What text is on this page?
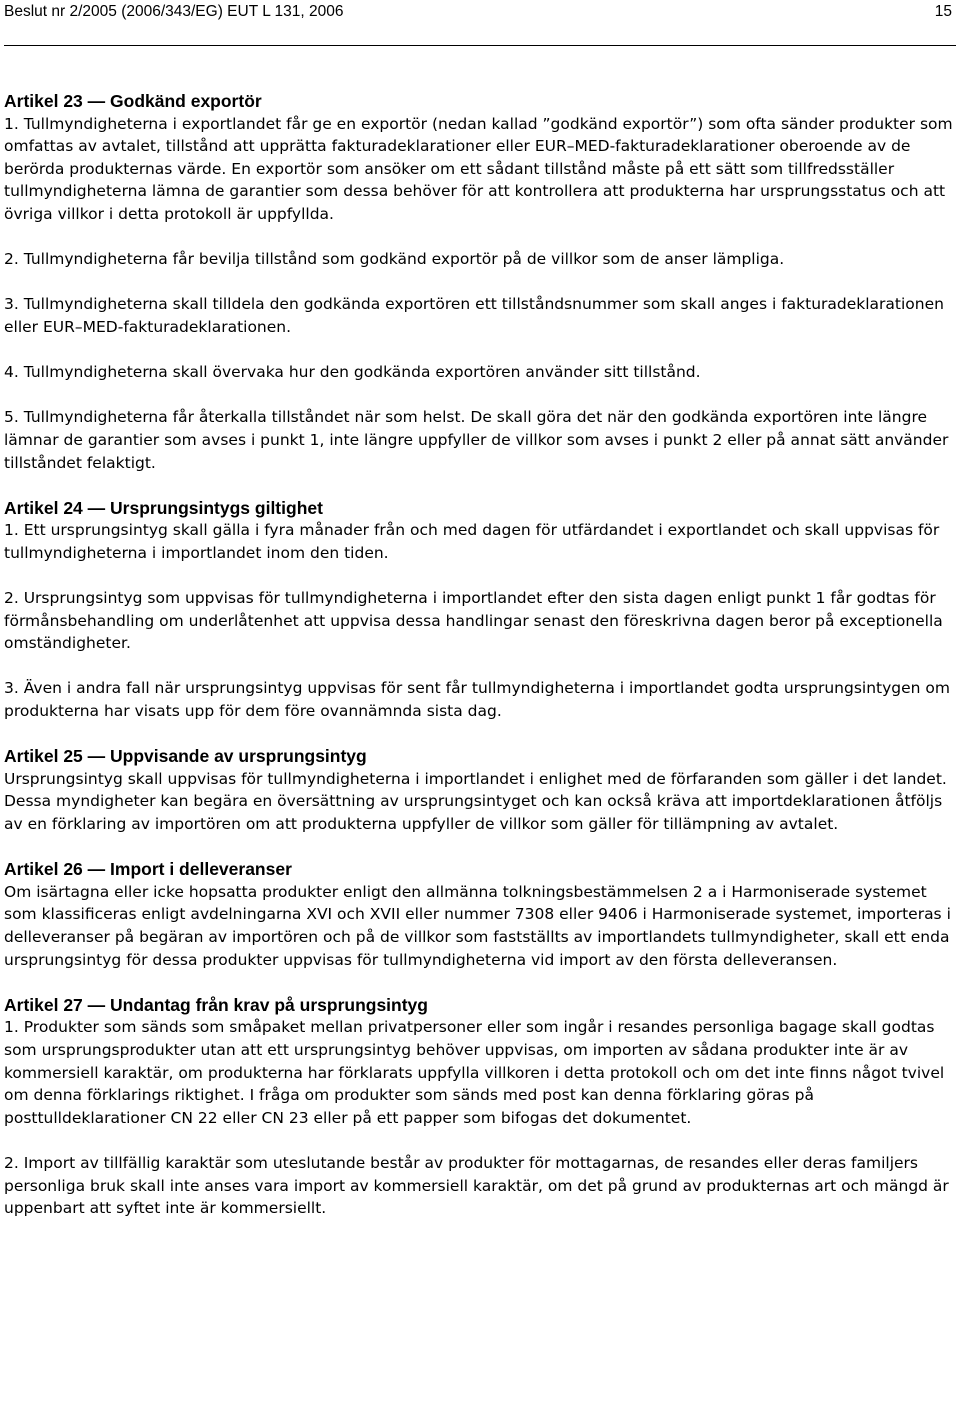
Beslut nr 2/2005 (2006/343/EG) EUT L 131, 2006	15
Artikel 23 — Godkänd exportör

1. Tullmyndigheterna i exportlandet får ge en exportör (nedan kallad ”godkänd exportör”) som ofta sänder produkter som omfattas av avtalet, tillstånd att upprätta fakturadeklarationer eller EUR–MED-fakturadeklarationer oberoende av de berörda produkternas värde. En exportör som ansöker om ett sådant tillstånd måste på ett sätt som tillfredsställer tullmyndigheterna lämna de garantier som dessa behöver för att kontrollera att produkterna har ursprungsstatus och att övriga villkor i detta protokoll är uppfyllda.

2. Tullmyndigheterna får bevilja tillstånd som godkänd exportör på de villkor som de anser lämpliga.

3. Tullmyndigheterna skall tilldela den godkända exportören ett tillståndsnummer som skall anges i fakturadeklarationen eller EUR–MED-fakturadeklarationen.

4. Tullmyndigheterna skall övervaka hur den godkända exportören använder sitt tillstånd.

5. Tullmyndigheterna får återkalla tillståndet när som helst. De skall göra det när den godkända exportören inte längre lämnar de garantier som avses i punkt 1, inte längre uppfyller de villkor som avses i punkt 2 eller på annat sätt använder tillståndet felaktigt.

Artikel 24 — Ursprungsintygs giltighet

1. Ett ursprungsintyg skall gälla i fyra månader från och med dagen för utfärdandet i exportlandet och skall uppvisas för tullmyndigheterna i importlandet inom den tiden.

2. Ursprungsintyg som uppvisas för tullmyndigheterna i importlandet efter den sista dagen enligt punkt 1 får godtas för förmånsbehandling om underlåtenhet att uppvisa dessa handlingar senast den föreskrivna dagen beror på exceptionella omständigheter.

3. Även i andra fall när ursprungsintyg uppvisas för sent får tullmyndigheterna i importlandet godta ursprungsintygen om produkterna har visats upp för dem före ovannämnda sista dag.

Artikel 25 — Uppvisande av ursprungsintyg

Ursprungsintyg skall uppvisas för tullmyndigheterna i importlandet i enlighet med de förfaranden som gäller i det landet. Dessa myndigheter kan begära en översättning av ursprungsintyget och kan också kräva att importdeklarationen åtföljs av en förklaring av importören om att produkterna uppfyller de villkor som gäller för tillämpning av avtalet.

Artikel 26 — Import i delleveranser

Om isärtagna eller icke hopsatta produkter enligt den allmänna tolkningsbestämmelsen 2 a i Harmoniserade systemet som klassificeras enligt avdelningarna XVI och XVII eller nummer 7308 eller 9406 i Harmoniserade systemet, importeras i delleveranser på begäran av importören och på de villkor som fastställts av importlandets tullmyndigheter, skall ett enda ursprungsintyg för dessa produkter uppvisas för tullmyndigheterna vid import av den första delleveransen.

Artikel 27 — Undantag från krav på ursprungsintyg

1. Produkter som sänds som småpaket mellan privatpersoner eller som ingår i resandes personliga bagage skall godtas som ursprungsprodukter utan att ett ursprungsintyg behöver uppvisas, om importen av sådana produkter inte är av kommersiell karaktär, om produkterna har förklarats uppfylla villkoren i detta protokoll och om det inte finns något tvivel om denna förklarings riktighet. I fråga om produkter som sänds med post kan denna förklaring göras på posttulldeklarationer CN 22 eller CN 23 eller på ett papper som bifogas det dokumentet.

2. Import av tillfällig karaktär som uteslutande består av produkter för mottagarnas, de resandes eller deras familjers personliga bruk skall inte anses vara import av kommersiell karaktär, om det på grund av produkternas art och mängd är uppenbart att syftet inte är kommersiellt.
